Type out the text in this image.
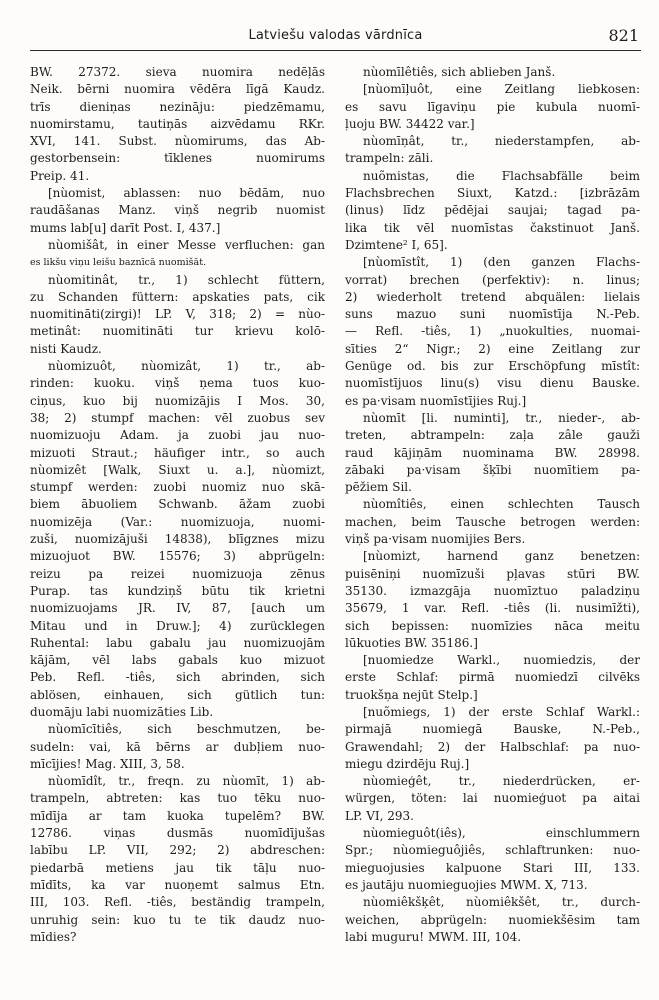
Latviešu valodas vārdnīca	821
BW. 27372. sieva nuomira nedēļās
Neik. bērni nuomira vēdēra līgā Kaudz.
trīs dieniņas nezināju: piedzēmamu,
nuomirstamu, tautiņās aizvēdamu RKr.
XVI, 141. Subst. nùomirums, das Ab-
gestorbensein: tīklenes nuomirums
Preip. 41.
[nùomist, ablassen: nuo bēdām, nuo
raudāšanas Manz. viņš negrib nuomist
mums lab[u] darīt Post. I, 437.]
nùomišât, in einer Messe verfluchen: gan
es likšu viņu leišu baznīcā nuomišāt.
nùomitinât, tr., 1) schlecht füttern,
zu Schanden füttern: apskaties pats, cik
nuomitināti(zirgi)! LP. V, 318; 2) = nùo-
metinât: nuomitināti tur krievu kolō-
nisti Kaudz.
nùomizuôt, nùomizât, 1) tr., ab-
rinden: kuoku. viņš ņema tuos kuo-
ciņus, kuo bij nuomizājis I Mos. 30,
38; 2) stumpf machen: vēl zuobus sev
nuomizuoju Adam. ja zuobi jau nuo-
mizuoti Straut.; häufiger intr., so auch
nùomizêt [Walk, Siuxt u. a.], nùomizt,
stumpf werden: zuobi nuomiz nuo skā-
biem ābuoliem Schwanb. āžam zuobi
nuomizēja (Var.: nuomizuoja, nuomi-
zuši, nuomizājuši 14838), blīgznes mizu
mizuojuot BW. 15576; 3) abprügeln:
reizu pa reizei nuomizuoja zēnus
Purap. tas kundziņš būtu tik krietni
nuomizuojams JR. IV, 87, [auch um
Mitau und in Druw.]; 4) zurücklegen
Ruhental: labu gabalu jau nuomizuojām
kājām, vēl labs gabals kuo mizuot
Peb. Refl. -tiês, sich abrinden, sich
ablösen, einhauen, sich gütlich tun:
duomāju labi nuomizāties Lib.
nùomīcītiês, sich beschmutzen, be-
sudeln: vai, kā bērns ar dubļiem nuo-
mīcījies! Mag. XIII, 3, 58.
nùomīdît, tr., freqn. zu nùomīt, 1) ab-
trampeln, abtreten: kas tuo tēku nuo-
mīdīja ar tam kuoka tupelēm? BW.
12786. viņas dusmās nuomīdījušas
labību LP. VII, 292; 2) abdreschen:
piedarbā metiens jau tik tāļu nuo-
mīdīts, ka var nuoņemt salmus Etn.
III, 103. Refl. -tiês, beständig trampeln,
unruhig sein: kuo tu te tik daudz nuo-
mīdies?
nùomīlêtiês, sich ablieben Janš.
[nùomīļuôt, eine Zeitlang liebkosen:
es savu līgaviņu pie kubula nuomī-
ļuoju BW. 34422 var.]
nùomīņât, tr., niederstampfen, ab-
trampeln: zāli.
nuõmistas, die Flachsabfälle beim
Flachsbrechen Siuxt, Katzd.: [izbrāzām
(linus) līdz pēdējai saujai; tagad pa-
lika tik vēl nuomīstas čakstinuot Janš.
Dzimtene² I, 65].
[nùomīstît, 1) (den ganzen Flachs-
vorrat) brechen (perfektiv): n. linus;
2) wiederholt tretend abquälen: lielais
suns mazuo suni nuomīstīja N.-Peb.
— Refl. -tiês, 1) „nuokulties, nuomai-
sīties 2“ Nigr.; 2) eine Zeitlang zur
Genüge od. bis zur Erschöpfung mīstît:
nuomīstījuos linu(s) visu dienu Bauske.
es pa·visam nuomīstījies Ruj.]
nùomīt [li. numinti], tr., nieder-, ab-
treten, abtrampeln: zaļa zâle gauži
raud kājiņām nuominama BW. 28998.
zābaki pa·visam šķībi nuomītiem pa-
pēžiem Sil.
nùomîtiês, einen schlechten Tausch
machen, beim Tausche betrogen werden:
viņš pa·visam nuomijies Bers.
[nùomizt, harnend ganz benetzen:
puisēniņi nuomīzuši pļavas stūri BW.
35130. izmazgāja nuomīztuo paladziņu
35679, 1 var. Refl. -tiês (li. nusimīžti),
sich bepissen: nuomīzies nāca meitu
lūkuoties BW. 35186.]
[nuomiedze Warkl., nuomiedzis, der
erste Schlaf: pirmā nuomiedzī cilvēks
truokšņa nejūt Stelp.]
[nuõmiegs, 1) der erste Schlaf Warkl.:
pirmajā nuomiegā Bauske, N.-Peb.,
Grawendahl; 2) der Halbschlaf: pa nuo-
miegu dzirdēju Ruj.]
nùomieģêt, tr., niederdrücken, er-
würgen, töten: lai nuomieģuot pa aitai
LP. VI, 293.
nùomieguôt(iês), einschlummern
Spr.; nùomieguôjiês, schlaftrunken: nuo-
mieguojusies kalpuone Stari III, 133.
es jautāju nuomieguojies MWM. X, 713.
nùomiêkšķêt, nùomiêkšêt, tr., durch-
weichen, abprügeln: nuomiekšēsim tam
labi muguru! MWM. III, 104.
